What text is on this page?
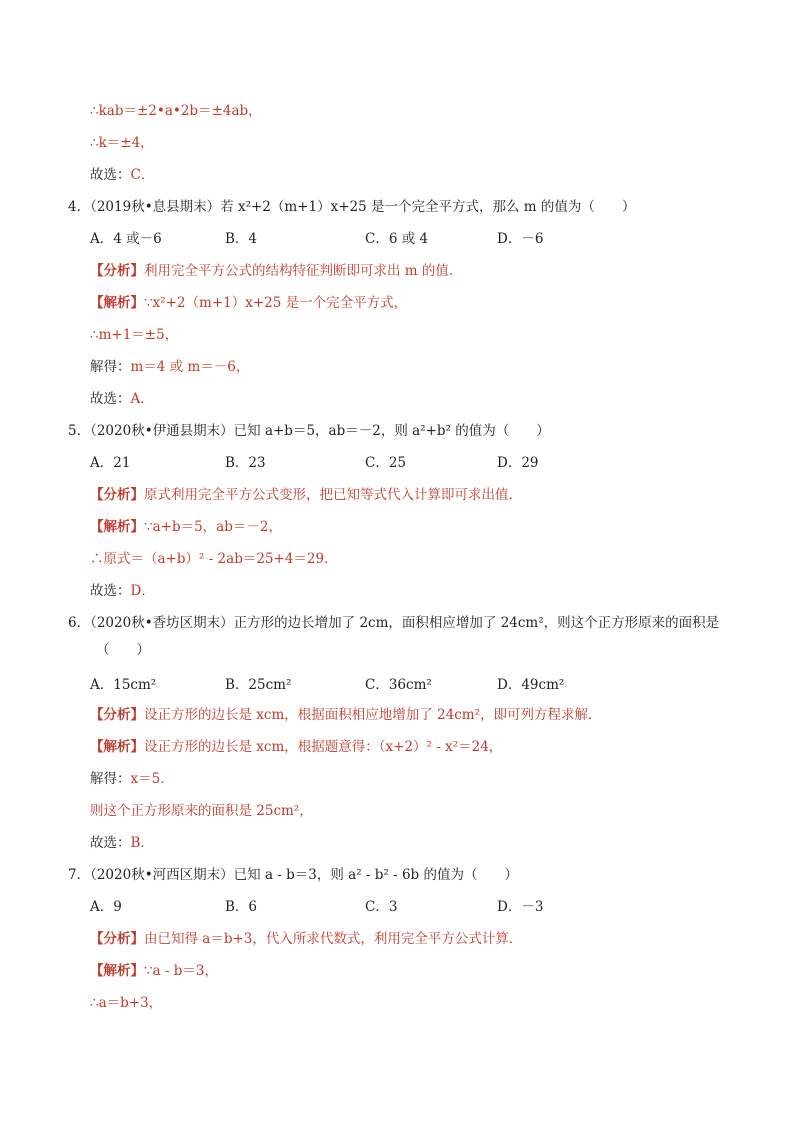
∴kab＝±2•a•2b＝±4ab，
∴k＝±4，
故选：C．
4．（2019秋•息县期末）若 x²+2（m+1）x+25 是一个完全平方式，那么 m 的值为（　　）
A．4 或－6	B．4	C．6 或 4	D．－6
【分析】利用完全平方公式的结构特征判断即可求出 m 的值．
【解析】∵x²+2（m+1）x+25 是一个完全平方式，
∴m+1＝±5，
解得：m＝4 或 m＝－6，
故选：A．
5．（2020秋•伊通县期末）已知 a+b＝5，ab＝－2，则 a²+b² 的值为（　　）
A．21	B．23	C．25	D．29
【分析】原式利用完全平方公式变形，把已知等式代入计算即可求出值．
【解析】∵a+b＝5，ab＝－2，
∴原式＝（a+b）² - 2ab＝25+4＝29．
故选：D．
6．（2020秋•香坊区期末）正方形的边长增加了 2cm，面积相应增加了 24cm²，则这个正方形原来的面积是
（　　）
A．15cm²	B．25cm²	C．36cm²	D．49cm²
【分析】设正方形的边长是 xcm，根据面积相应地增加了 24cm²，即可列方程求解．
【解析】设正方形的边长是 xcm，根据题意得：（x+2）² - x²＝24，
解得：x＝5．
则这个正方形原来的面积是 25cm²，
故选：B．
7．（2020秋•河西区期末）已知 a - b＝3，则 a² - b² - 6b 的值为（　　）
A．9	B．6	C．3	D．－3
【分析】由已知得 a＝b+3，代入所求代数式，利用完全平方公式计算．
【解析】∵a - b＝3，
∴a＝b+3，
